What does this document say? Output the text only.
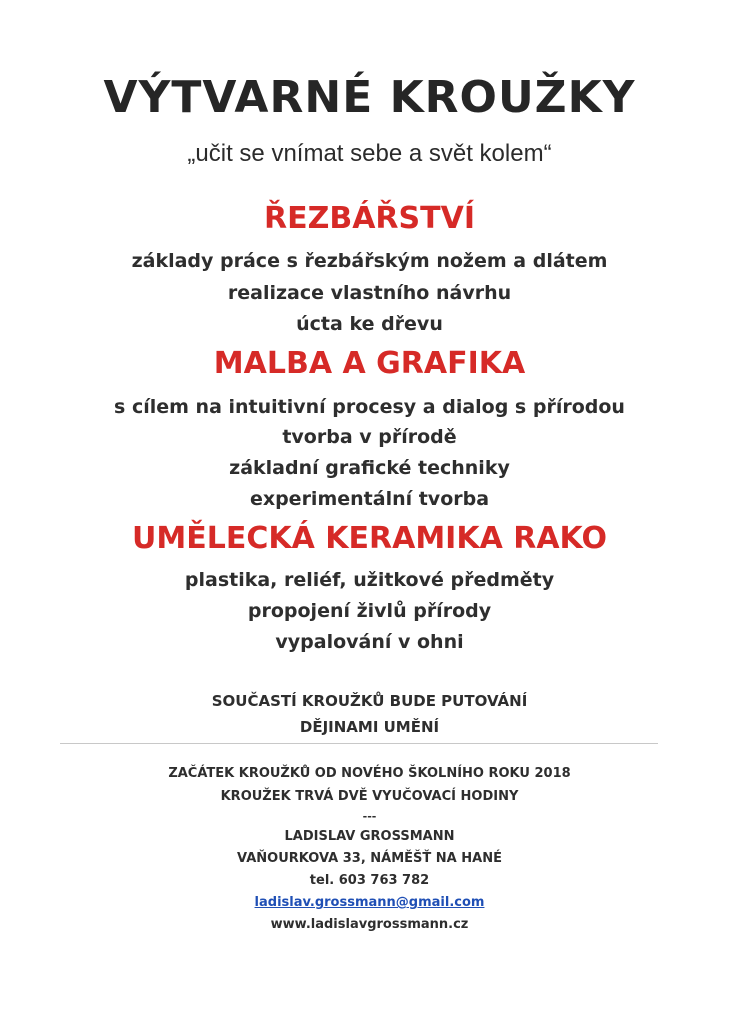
VÝTVARNÉ KROUŽKY
„učit se vnímat sebe a svět kolem“
ŘEZBÁŘSTVÍ
základy práce s řezbářským nožem a dlátem
realizace vlastního návrhu
úcta ke dřevu
MALBA A GRAFIKA
s cílem na intuitivní procesy a dialog s přírodou
tvorba v přírodě
základní grafické techniky
experimentální tvorba
UMĚLECKÁ KERAMIKA RAKO
plastika, reliéf, užitkové předměty
propojení živlů přírody
vypalování v ohni
SOUČASTÍ KROUŽKŮ BUDE PUTOVÁNÍ
DĚJINAMI UMĚNÍ
ZAČÁTEK KROUŽKŮ OD NOVÉHO ŠKOLNÍHO ROKU 2018
KROUŽEK TRVÁ DVĚ VYUČOVACÍ HODINY
---
LADISLAV GROSSMANN
VAŇOURKOVA 33, NÁMĚŠŤ NA HANÉ
tel. 603 763 782
ladislav.grossmann@gmail.com
www.ladislavgrossmann.cz
